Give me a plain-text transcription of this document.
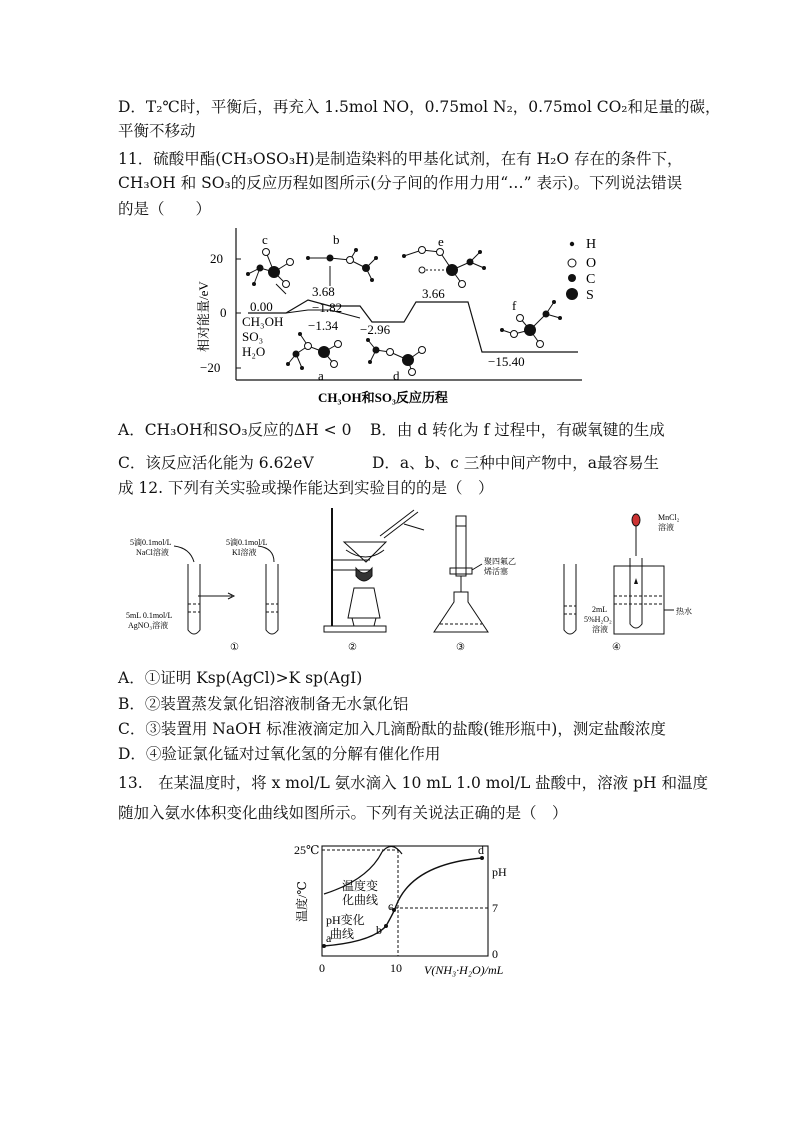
D．T₂℃时，平衡后，再充入 1.5mol NO，0.75mol N₂，0.75mol CO₂和足量的碳，
平衡不移动
11．硫酸甲酯(CH₃OSO₃H)是制造染料的甲基化试剂，在有 H₂O 存在的条件下，
CH₃OH 和 SO₃的反应历程如图所示(分子间的作用力用“…” 表示)。下列说法错误
的是（　　）
20
0
−20
相对能量/eV
CH₃OH和SO₃反应历程
0.00
3.68
−1.82
−1.34 −2.96
3.66
−15.40
CH₃OH
SO₃
H₂O
c	b	e
f
a	d
H
O
C
S
A．CH₃OH和SO₃反应的ΔH < 0 B．由 d 转化为 f 过程中，有碳氧键的生成
C．该反应活化能为 6.62eV	D．a、b、c 三种中间产物中，a最容易生
成 12. 下列有关实验或操作能达到实验目的的是（　）
5滴0.1mol/L
NaCl溶液
5mL 0.1mol/L
AgNO₃溶液
5滴0.1mol/L
KI溶液
①	②
聚四氟乙
烯活塞
③
MnCl₂
溶液
2mL
5%H₂O₂
溶液
热水
④
A．①证明 Ksp(AgCl)>K sp(AgI)
B．②装置蒸发氯化铝溶液制备无水氯化铝
C．③装置用 NaOH 标准液滴定加入几滴酚酞的盐酸(锥形瓶中)，测定盐酸浓度
D．④验证氯化锰对过氧化氢的分解有催化作用
13.　在某温度时，将 x mol/L 氨水滴入 10 mL 1.0 mol/L 盐酸中，溶液 pH 和温度
随加入氨水体积变化曲线如图所示。下列有关说法正确的是（　）
a
b
c
d
25℃
温度/℃	温度变
化曲线
pH变化
曲线
pH
7
0
0	10 V(NH₃·H₂O)/mL
